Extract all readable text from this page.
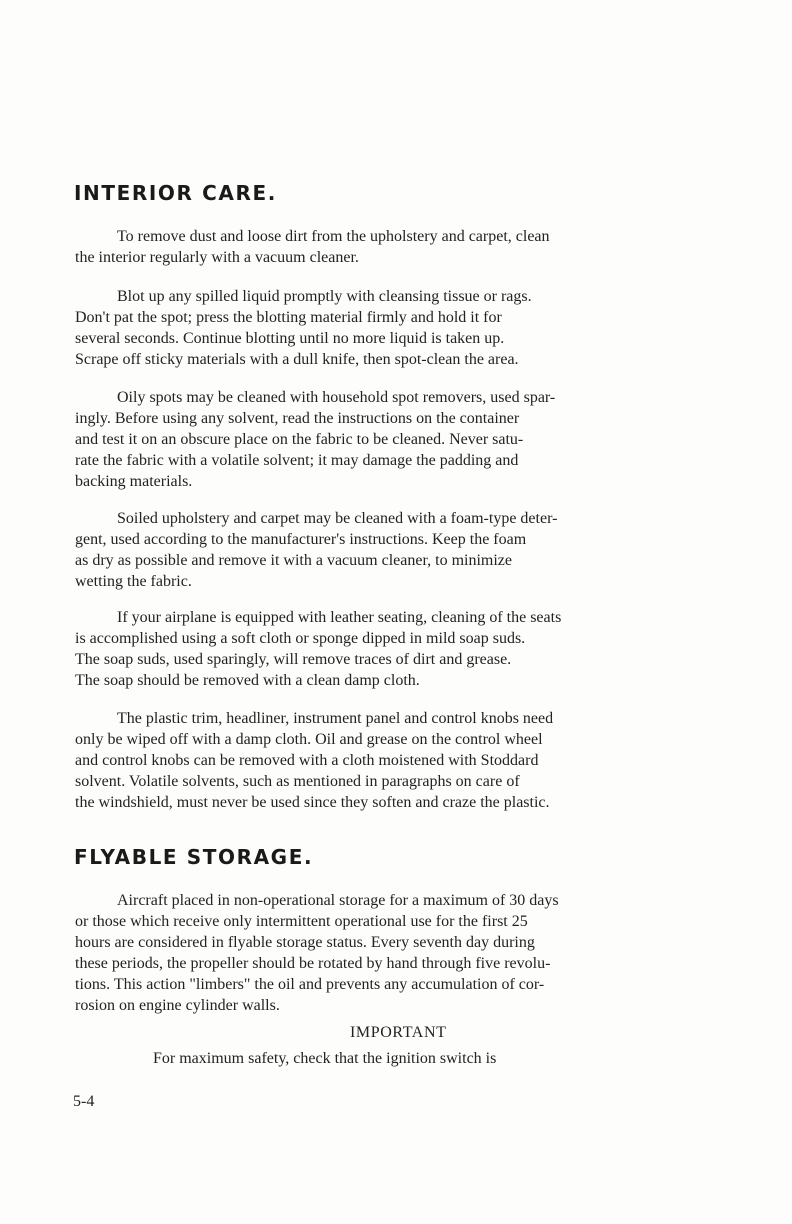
INTERIOR CARE.
To remove dust and loose dirt from the upholstery and carpet, clean
the interior regularly with a vacuum cleaner.
Blot up any spilled liquid promptly with cleansing tissue or rags.
Don't pat the spot; press the blotting material firmly and hold it for
several seconds. Continue blotting until no more liquid is taken up.
Scrape off sticky materials with a dull knife, then spot-clean the area.
Oily spots may be cleaned with household spot removers, used spar-
ingly. Before using any solvent, read the instructions on the container
and test it on an obscure place on the fabric to be cleaned. Never satu-
rate the fabric with a volatile solvent; it may damage the padding and
backing materials.
Soiled upholstery and carpet may be cleaned with a foam-type deter-
gent, used according to the manufacturer's instructions. Keep the foam
as dry as possible and remove it with a vacuum cleaner, to minimize
wetting the fabric.
If your airplane is equipped with leather seating, cleaning of the seats
is accomplished using a soft cloth or sponge dipped in mild soap suds.
The soap suds, used sparingly, will remove traces of dirt and grease.
The soap should be removed with a clean damp cloth.
The plastic trim, headliner, instrument panel and control knobs need
only be wiped off with a damp cloth. Oil and grease on the control wheel
and control knobs can be removed with a cloth moistened with Stoddard
solvent. Volatile solvents, such as mentioned in paragraphs on care of
the windshield, must never be used since they soften and craze the plastic.
FLYABLE STORAGE.
Aircraft placed in non-operational storage for a maximum of 30 days
or those which receive only intermittent operational use for the first 25
hours are considered in flyable storage status. Every seventh day during
these periods, the propeller should be rotated by hand through five revolu-
tions. This action "limbers" the oil and prevents any accumulation of cor-
rosion on engine cylinder walls.

IMPORTANT

For maximum safety, check that the ignition switch is

5-4
